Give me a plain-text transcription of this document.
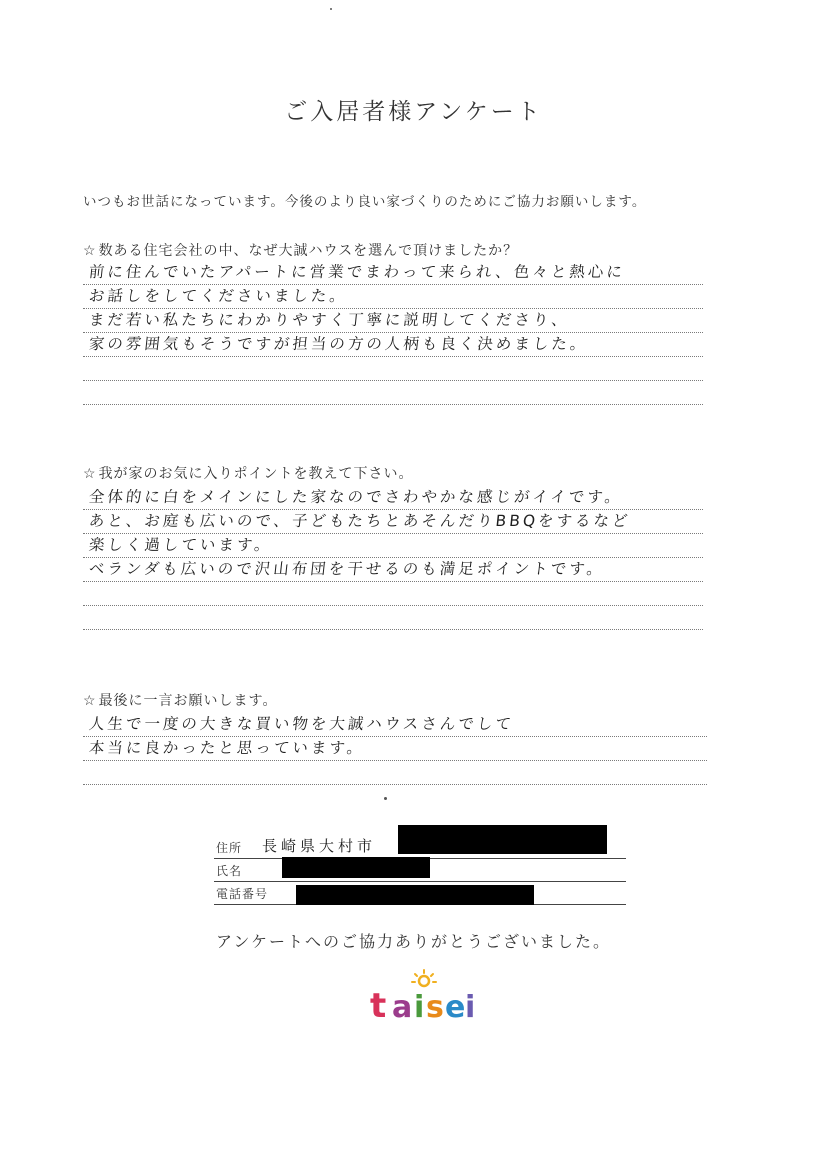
ご入居者様アンケート
いつもお世話になっています。今後のより良い家づくりのためにご協力お願いします。
☆ 数ある住宅会社の中、なぜ大誠ハウスを選んで頂けましたか？
前に住んでいたアパートに営業でまわって来られ、色々と熱心に
お話しをしてくださいました。
まだ若い私たちにわかりやすく丁寧に説明してくださり、
家の雰囲気もそうですが担当の方の人柄も良く決めました。
☆ 我が家のお気に入りポイントを教えて下さい。
全体的に白をメインにした家なのでさわやかな感じがイイです。
あと、お庭も広いので、子どもたちとあそんだりBBQをするなど
楽しく過しています。
ベランダも広いので沢山布団を干せるのも満足ポイントです。
☆ 最後に一言お願いします。
人生で一度の大きな買い物を大誠ハウスさんでして
本当に良かったと思っています。
住所 長崎県大村市
氏名
電話番号
アンケートへのご協力ありがとうございました。
t a i s e i
